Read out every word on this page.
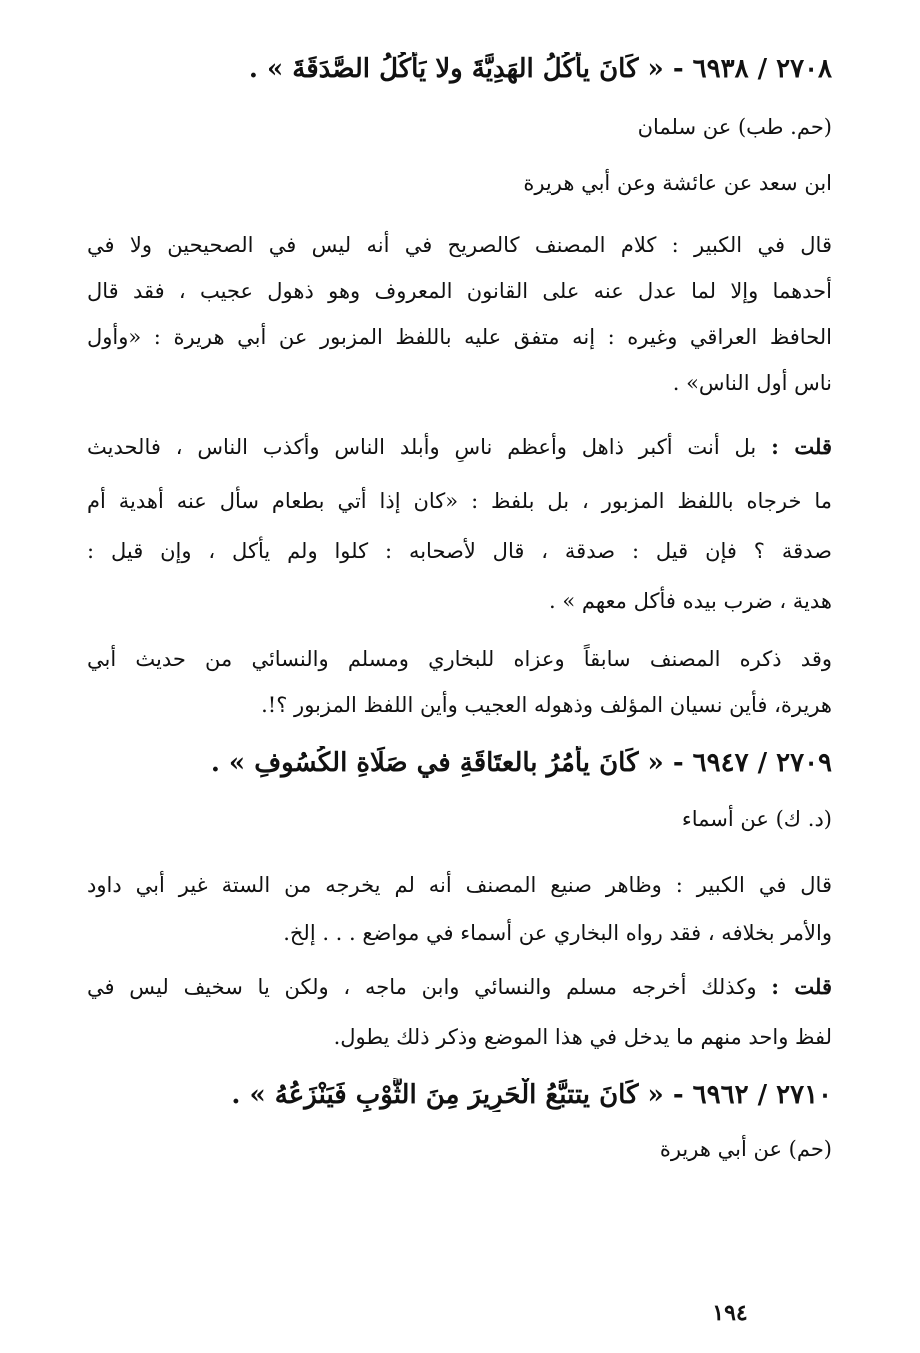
٢٧٠٨ / ٦٩٣٨ - « كَانَ يأكُلُ الهَدِيَّةَ ولا يَأكُلُ الصَّدَقَةَ » .
(حم. طب) عن سلمان
ابن سعد عن عائشة وعن أبي هريرة
قال في الكبير : كلام المصنف كالصريح في أنه ليس في الصحيحين ولا في
أحدهما وإلا لما عدل عنه على القانون المعروف وهو ذهول عجيب ، فقد قال
الحافظ العراقي وغيره : إنه متفق عليه باللفظ المزبور عن أبي هريرة : «وأول
ناس أول الناس» .
قلت : بل أنت أكبر ذاهل وأعظم ناسٍ وأبلد الناس وأكذب الناس ، فالحديث
ما خرجاه باللفظ المزبور ، بل بلفظ : «كان إذا أتي بطعام سأل عنه أهدية أم
صدقة ؟ فإن قيل : صدقة ، قال لأصحابه : كلوا ولم يأكل ، وإن قيل :
هدية ، ضرب بيده فأكل معهم » .
وقد ذكره المصنف سابقاً وعزاه للبخاري ومسلم والنسائي من حديث أبي
هريرة، فأين نسيان المؤلف وذهوله العجيب وأين اللفظ المزبور ؟!.
٢٧٠٩ / ٦٩٤٧ - « كَانَ يأمُرُ بالعتَاقَةِ في صَلَاةِ الكُسُوفِ » .
(د. ك) عن أسماء
قال في الكبير : وظاهر صنيع المصنف أنه لم يخرجه من الستة غير أبي داود
والأمر بخلافه ، فقد رواه البخاري عن أسماء في مواضع . . . إلخ.
قلت : وكذلك أخرجه مسلم والنسائي وابن ماجه ، ولكن يا سخيف ليس في
لفظ واحد منهم ما يدخل في هذا الموضع وذكر ذلك يطول.
٢٧١٠ / ٦٩٦٢ - « كَانَ يتتبَّعُ الْحَرِيرَ مِنَ الثَّوْبِ فَيَنْزَعُهُ » .
(حم) عن أبي هريرة
١٩٤
